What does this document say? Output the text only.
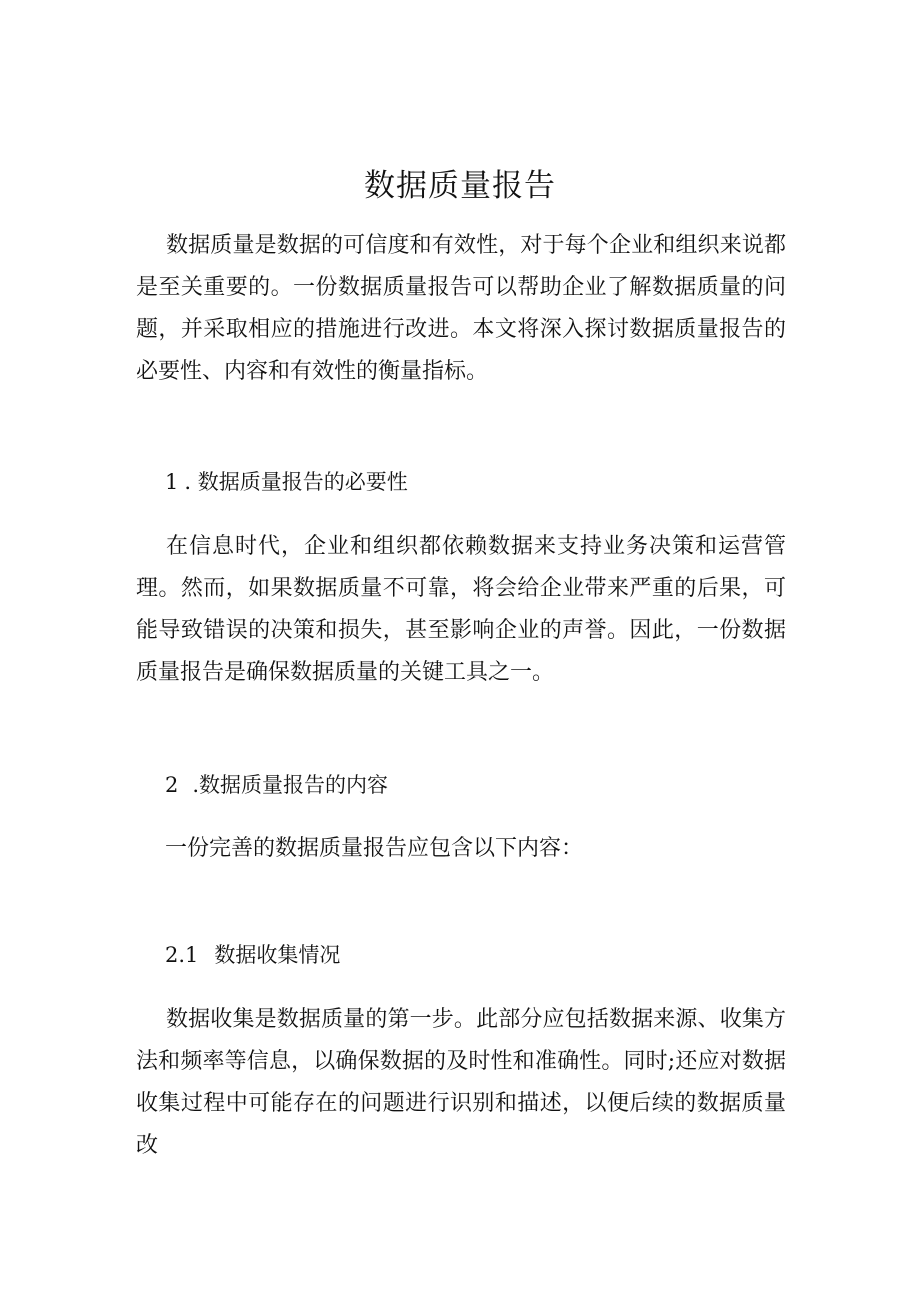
数据质量报告
数据质量是数据的可信度和有效性，对于每个企业和组织来说都是至关重要的。一份数据质量报告可以帮助企业了解数据质量的问题，并采取相应的措施进行改进。本文将深入探讨数据质量报告的必要性、内容和有效性的衡量指标。
1 . 数据质量报告的必要性
在信息时代，企业和组织都依赖数据来支持业务决策和运营管理。然而，如果数据质量不可靠，将会给企业带来严重的后果，可能导致错误的决策和损失，甚至影响企业的声誉。因此，一份数据质量报告是确保数据质量的关键工具之一。
2 .数据质量报告的内容
一份完善的数据质量报告应包含以下内容：
2.1 数据收集情况
数据收集是数据质量的第一步。此部分应包括数据来源、收集方法和频率等信息，以确保数据的及时性和准确性。同时;还应对数据收集过程中可能存在的问题进行识别和描述，以便后续的数据质量改
